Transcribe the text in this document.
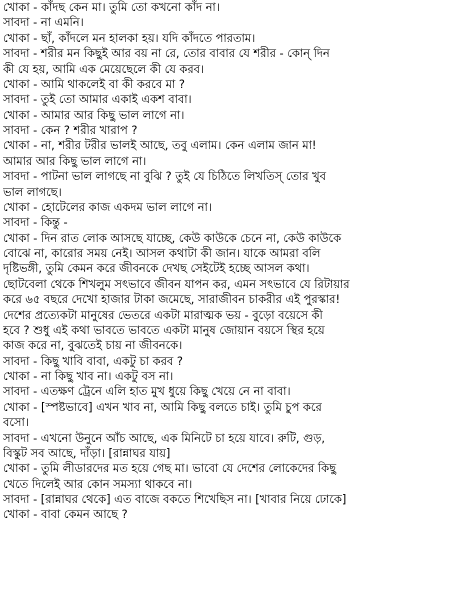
খোকা - কাঁদছ কেন মা। তুমি তো কখনো কাঁদ না।
সাবদা - না এমনি।
খোকা - ছাঁ, কাঁদলে মন হালকা হয়। যদি কাঁদতে পারতাম।
সাবদা - শরীর মন কিছুই আর বয় না রে, তোর বাবার যে শরীর - কোন্ দিন
কী যে হয়, আমি এক মেয়েছেলে কী যে করব।
খোকা - আমি থাকলেই বা কী করবে মা ?
সাবদা - তুই তো আমার একাই একশ বাবা।
খোকা - আমার আর কিছু ভাল লাগে না।
সাবদা - কেন ? শরীর খারাপ ?
খোকা - না, শরীর টরীর ভালই আছে, তবু এলাম। কেন এলাম জান মা!
আমার আর কিছু ভাল লাগে না।
সাবদা - পাটনা ভাল লাগছে না বুঝি ? তুই যে চিঠিতে লিখতিস্ তোর খুব
ভাল লাগছে।
খোকা - হোটেলের কাজ একদম ভাল লাগে না।
সাবদা - কিন্তু -
খোকা - দিন রাত লোক আসছে যাচ্ছে, কেউ কাউকে চেনে না, কেউ কাউকে
বোঝে না, কারোর সময় নেই। আসল কথাটা কী জান। যাকে আমরা বলি
দৃষ্টিভঙ্গী, তুমি কেমন করে জীবনকে দেখছ সেইটেই হচ্ছে আসল কথা।
ছোটবেলা থেকে শিখলুম সৎভাবে জীবন যাপন কর, এমন সৎভাবে যে রিটায়ার
করে ৬৫ বছরে দেখো হাজার টাকা জমেছে, সারাজীবন চাকরীর এই পুরস্কার!
দেশের প্রত্যেকটা মানুষের ভেতরে একটা মারাত্মক ভয় - বুড়ো বয়েসে কী
হবে ? শুধু এই কথা ভাবতে ভাবতে একটা মানুষ জোয়ান বয়সে স্থির হয়ে
কাজ করে না, বুঝতেই চায় না জীবনকে।
সাবদা - কিছু খাবি বাবা, একটু চা করব ?
খোকা - না কিছু খাব না। একটু বস না।
সাবদা - এতক্ষণ ট্রেনে এলি হাত মুখ ধুয়ে কিছু খেয়ে নে না বাবা।
খোকা - [স্পষ্টভাবে] এখন খাব না, আমি কিছু বলতে চাই। তুমি চুপ করে
বসো।
সাবদা - এখনো উনুনে আঁচ আছে, এক মিনিটে চা হয়ে যাবে। রুটি, গুড়,
বিস্কুট সব আছে, দাঁড়া। [রান্নাঘর যায়]
খোকা - তুমি লীডারদের মত হয়ে গেছ মা। ভাবো যে দেশের লোকেদের কিছু
খেতে দিলেই আর কোন সমস্যা থাকবে না।
সাবদা - [রান্নাঘর থেকে] এত বাজে বকতে শিখেছিস না। [খাবার নিয়ে ঢোকে]
খোকা - বাবা কেমন আছে ?
